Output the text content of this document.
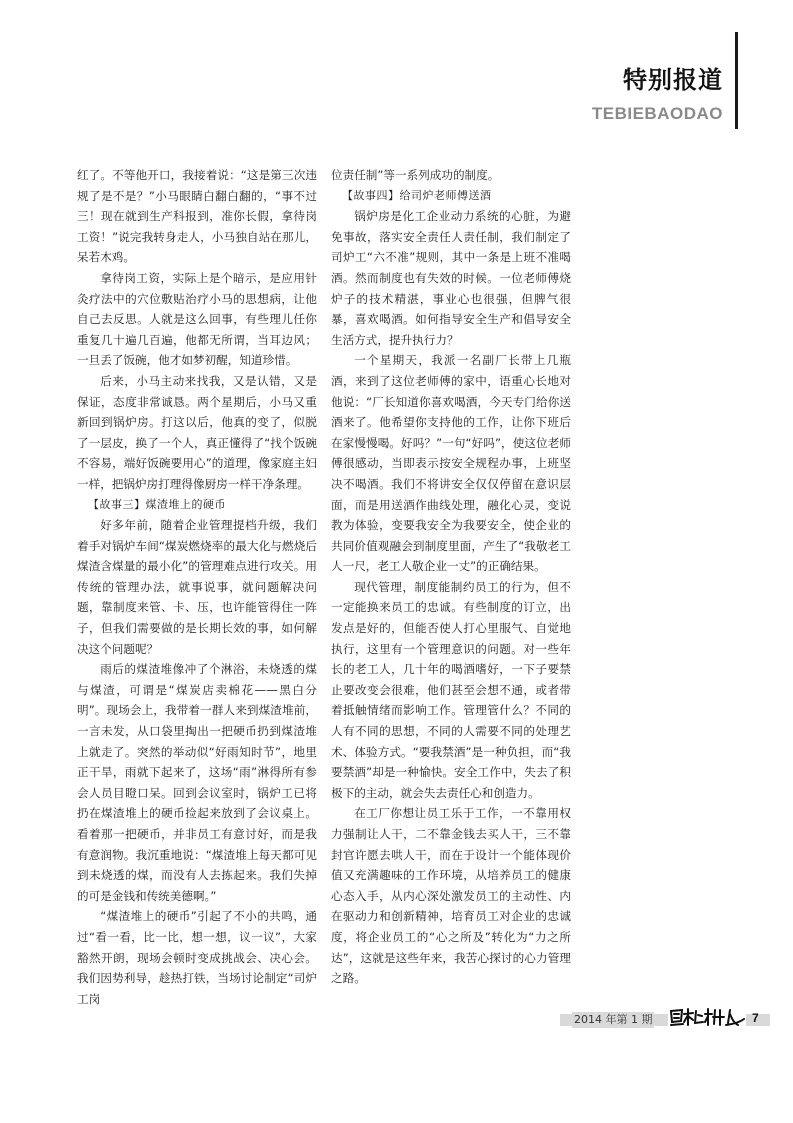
特别报道
TEBIEBAODAO

红了。不等他开口，我接着说：“这是第三次违规了是不是？”小马眼睛白翻白翻的，“事不过三！现在就到生产科报到，准你长假，拿待岗工资！”说完我转身走人，小马独自站在那儿，呆若木鸡。

拿待岗工资，实际上是个暗示，是应用针灸疗法中的穴位敷贴治疗小马的思想病，让他自己去反思。人就是这么回事，有些理儿任你重复几十遍几百遍，他都无所谓，当耳边风；一旦丢了饭碗，他才如梦初醒，知道珍惜。

后来，小马主动来找我，又是认错，又是保证，态度非常诚恳。两个星期后，小马又重新回到锅炉房。打这以后，他真的变了，似脱了一层皮，换了一个人，真正懂得了“找个饭碗不容易，端好饭碗要用心”的道理，像家庭主妇一样，把锅炉房打理得像厨房一样干净条理。

【故事三】煤渣堆上的硬币

好多年前，随着企业管理提档升级，我们着手对锅炉车间“煤炭燃烧率的最大化与燃烧后煤渣含煤量的最小化”的管理难点进行攻关。用传统的管理办法，就事说事，就问题解决问题，靠制度来管、卡、压，也许能管得住一阵子，但我们需要做的是长期长效的事，如何解决这个问题呢？

雨后的煤渣堆像冲了个淋浴，未烧透的煤与煤渣，可谓是“煤炭店卖棉花——黑白分明”。现场会上，我带着一群人来到煤渣堆前，一言未发，从口袋里掏出一把硬币扔到煤渣堆上就走了。突然的举动似“好雨知时节”，地里正干旱，雨就下起来了，这场“雨”淋得所有参会人员目瞪口呆。回到会议室时，锅炉工已将扔在煤渣堆上的硬币捡起来放到了会议桌上。看着那一把硬币，并非员工有意讨好，而是我有意润物。我沉重地说：“煤渣堆上每天都可见到未烧透的煤，而没有人去拣起来。我们失掉的可是金钱和传统美德啊。”

“煤渣堆上的硬币”引起了不小的共鸣，通过“看一看，比一比，想一想，议一议”，大家豁然开朗，现场会顿时变成挑战会、决心会。我们因势利导，趁热打铁，当场讨论制定“司炉工岗

位责任制”等一系列成功的制度。

【故事四】给司炉老师傅送酒

锅炉房是化工企业动力系统的心脏，为避免事故，落实安全责任人责任制，我们制定了司炉工“六不准”规则，其中一条是上班不准喝酒。然而制度也有失效的时候。一位老师傅烧炉子的技术精湛，事业心也很强，但脾气很暴，喜欢喝酒。如何指导安全生产和倡导安全生活方式，提升执行力？

一个星期天，我派一名副厂长带上几瓶酒，来到了这位老师傅的家中，语重心长地对他说：“厂长知道你喜欢喝酒，今天专门给你送酒来了。他希望你支持他的工作，让你下班后在家慢慢喝。好吗？”一句“好吗”，使这位老师傅很感动，当即表示按安全规程办事，上班坚决不喝酒。我们不将讲安全仅仅停留在意识层面，而是用送酒作曲线处理，融化心灵，变说教为体验，变要我安全为我要安全，使企业的共同价值观融会到制度里面，产生了“我敬老工人一尺，老工人敬企业一丈”的正确结果。

现代管理，制度能制约员工的行为，但不一定能换来员工的忠诚。有些制度的订立，出发点是好的，但能否使人打心里服气、自觉地执行，这里有一个管理意识的问题。对一些年长的老工人，几十年的喝酒嗜好，一下子要禁止要改变会很难，他们甚至会想不通，或者带着抵触情绪而影响工作。管理管什么？不同的人有不同的思想，不同的人需要不同的处理艺术、体验方式。“要我禁酒”是一种负担，而“我要禁酒”却是一种愉快。安全工作中，失去了积极下的主动，就会失去责任心和创造力。

在工厂你想让员工乐于工作，一不靠用权力强制让人干，二不靠金钱去买人干，三不靠封官许愿去哄人干，而在于设计一个能体现价值又充满趣味的工作环境，从培养员工的健康心态入手，从内心深处激发员工的主动性、内在驱动力和创新精神，培育员工对企业的忠诚度，将企业员工的“心之所及”转化为“力之所达”，这就是这些年来，我苦心探讨的心力管理之路。

2014 年第 1 期	7
